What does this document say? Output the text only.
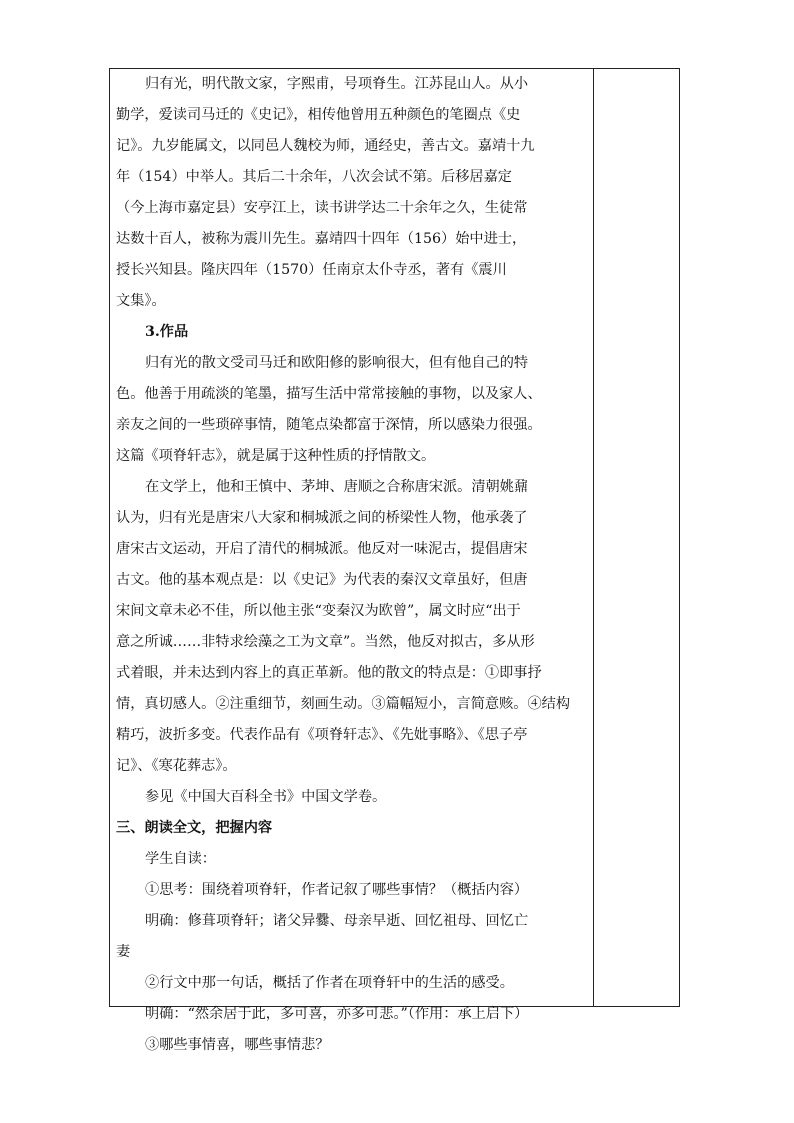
归有光，明代散文家，字熙甫，号项脊生。江苏昆山人。从小
勤学，爱读司马迁的《史记》，相传他曾用五种颜色的笔圈点《史
记》。九岁能属文，以同邑人魏校为师，通经史，善古文。嘉靖十九
年（154）中举人。其后二十余年，八次会试不第。后移居嘉定
（今上海市嘉定县）安亭江上，读书讲学达二十余年之久，生徒常
达数十百人，被称为震川先生。嘉靖四十四年（156）始中进士，
授长兴知县。隆庆四年（1570）任南京太仆寺丞，著有《震川
文集》。
3.作品
归有光的散文受司马迁和欧阳修的影响很大，但有他自己的特
色。他善于用疏淡的笔墨，描写生活中常常接触的事物，以及家人、
亲友之间的一些琐碎事情，随笔点染都富于深情，所以感染力很强。
这篇《项脊轩志》，就是属于这种性质的抒情散文。
在文学上，他和王慎中、茅坤、唐顺之合称唐宋派。清朝姚鼐
认为，归有光是唐宋八大家和桐城派之间的桥梁性人物，他承袭了
唐宋古文运动，开启了清代的桐城派。他反对一味泥古，提倡唐宋
古文。他的基本观点是：以《史记》为代表的秦汉文章虽好，但唐
宋间文章未必不佳，所以他主张“变秦汉为欧曾”，属文时应“出于
意之所诚……非特求绘藻之工为文章”。当然，他反对拟古，多从形
式着眼，并未达到内容上的真正革新。他的散文的特点是：①即事抒
情，真切感人。②注重细节，刻画生动。③篇幅短小，言简意赅。④结构
精巧，波折多变。代表作品有《项脊轩志》、《先妣事略》、《思子亭
记》、《寒花葬志》。
参见《中国大百科全书》中国文学卷。
三、朗读全文，把握内容
学生自读：
①思考：围绕着项脊轩，作者记叙了哪些事情？（概括内容）
明确：修葺项脊轩；诸父异爨、母亲早逝、回忆祖母、回忆亡
妻
②行文中那一句话，概括了作者在项脊轩中的生活的感受。
明确：“然余居于此，多可喜，亦多可悲。”（作用：承上启下）
③哪些事情喜，哪些事情悲？
